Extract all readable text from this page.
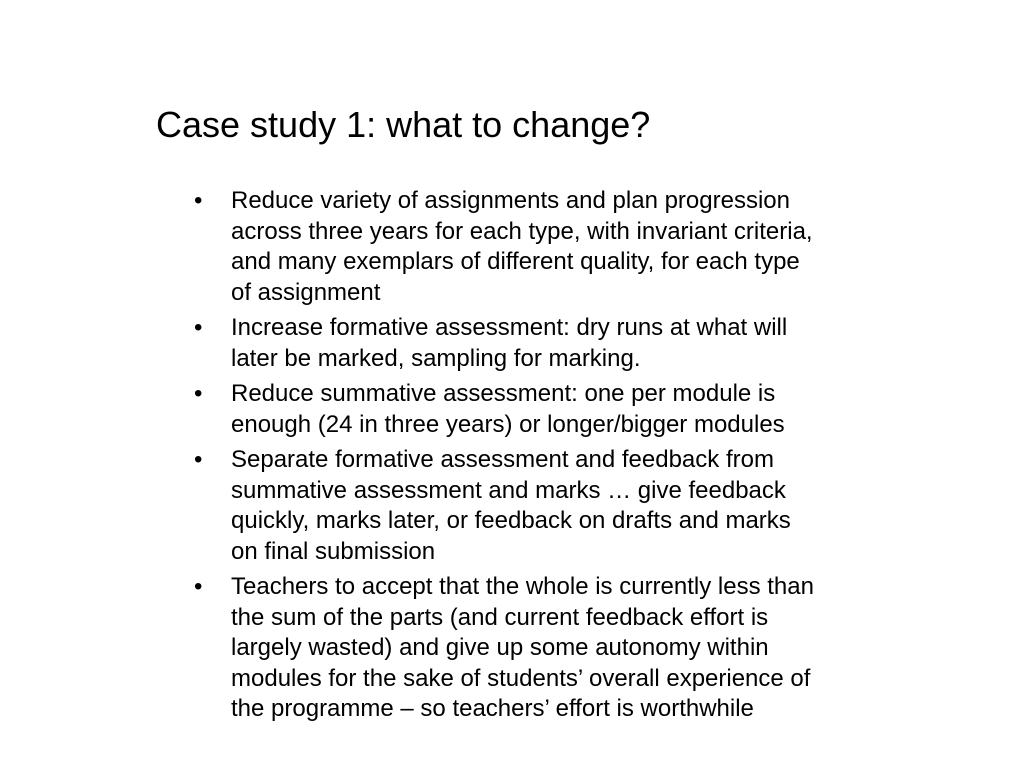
Case study 1: what to change?
• Reduce variety of assignments and plan progression
across three years for each type, with invariant criteria,
and many exemplars of different quality, for each type
of assignment
• Increase formative assessment: dry runs at what will
later be marked, sampling for marking.
• Reduce summative assessment: one per module is
enough (24 in three years) or longer/bigger modules
• Separate formative assessment and feedback from
summative assessment and marks … give feedback
quickly, marks later, or feedback on drafts and marks
on final submission
• Teachers to accept that the whole is currently less than
the sum of the parts (and current feedback effort is
largely wasted) and give up some autonomy within
modules for the sake of students’ overall experience of
the programme – so teachers’ effort is worthwhile
